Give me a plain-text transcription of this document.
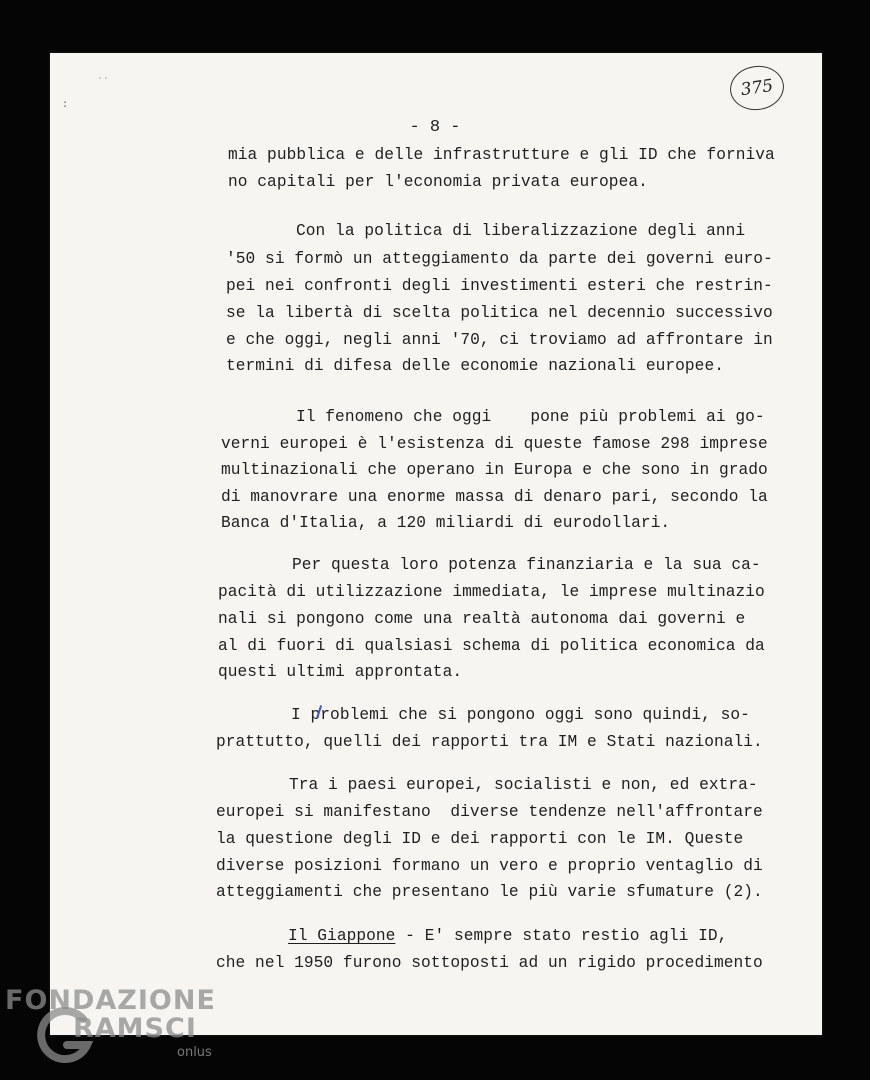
˙˙
:
375
- 8 -
mia pubblica e delle infrastrutture e gli ID che forniva
no capitali per l'economia privata europea.
Con la politica di liberalizzazione degli anni
'50 si formò un atteggiamento da parte dei governi euro-
pei nei confronti degli investimenti esteri che restrin-
se la libertà di scelta politica nel decennio successivo
e che oggi, negli anni '70, ci troviamo ad affrontare in
termini di difesa delle economie nazionali europee.
Il fenomeno che oggi    pone più problemi ai go-
verni europei è l'esistenza di queste famose 298 imprese
multinazionali che operano in Europa e che sono in grado
di manovrare una enorme massa di denaro pari, secondo la
Banca d'Italia, a 120 miliardi di eurodollari.
Per questa loro potenza finanziaria e la sua ca-
pacità di utilizzazione immediata, le imprese multinazio
nali si pongono come una realtà autonoma dai governi e
al di fuori di qualsiasi schema di politica economica da
questi ultimi approntata.
I problemi che si pongono oggi sono quindi, so-
prattutto, quelli dei rapporti tra IM e Stati nazionali.
Tra i paesi europei, socialisti e non, ed extra-
europei si manifestano  diverse tendenze nell'affrontare
la questione degli ID e dei rapporti con le IM. Queste
diverse posizioni formano un vero e proprio ventaglio di
atteggiamenti che presentano le più varie sfumature (2).
Il Giappone - E' sempre stato restio agli ID,
che nel 1950 furono sottoposti ad un rigido procedimento
FONDAZIONE
RAMSCI
onlus
